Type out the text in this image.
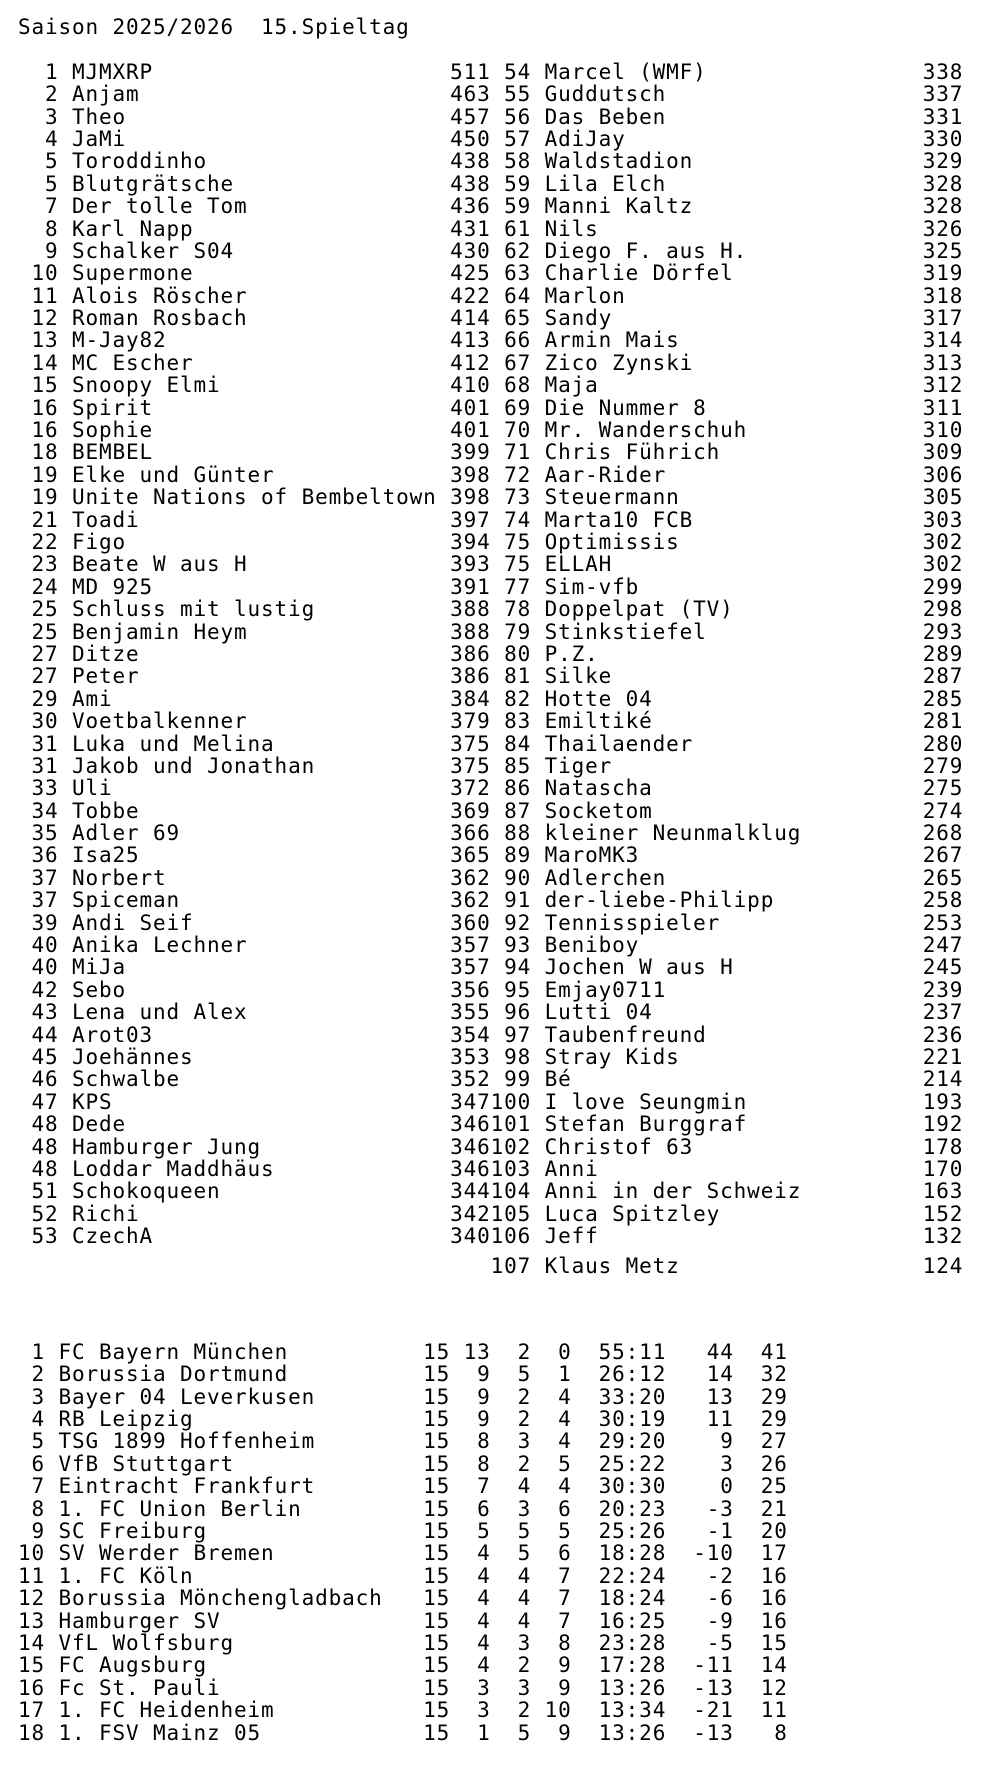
Saison 2025/2026  15.Spieltag
1 MJMXRP                      511 54 Marcel (WMF)                338
2 Anjam                       463 55 Guddutsch                   337
3 Theo                        457 56 Das Beben                   331
4 JaMi                        450 57 AdiJay                      330
5 Toroddinho                  438 58 Waldstadion                 329
5 Blutgrätsche                438 59 Lila Elch                   328
7 Der tolle Tom               436 59 Manni Kaltz                 328
8 Karl Napp                   431 61 Nils                        326
9 Schalker S04                430 62 Diego F. aus H.             325
10 Supermone                   425 63 Charlie Dörfel              319
11 Alois Röscher               422 64 Marlon                      318
12 Roman Rosbach               414 65 Sandy                       317
13 M-Jay82                     413 66 Armin Mais                  314
14 MC Escher                   412 67 Zico Zynski                 313
15 Snoopy Elmi                 410 68 Maja                        312
16 Spirit                      401 69 Die Nummer 8                311
16 Sophie                      401 70 Mr. Wanderschuh             310
18 BEMBEL                      399 71 Chris Führich               309
19 Elke und Günter             398 72 Aar-Rider                   306
19 Unite Nations of Bembeltown 398 73 Steuermann                  305
21 Toadi                       397 74 Marta10 FCB                 303
22 Figo                        394 75 Optimissis                  302
23 Beate W aus H               393 75 ELLAH                       302
24 MD 925                      391 77 Sim-vfb                     299
25 Schluss mit lustig          388 78 Doppelpat (TV)              298
25 Benjamin Heym               388 79 Stinkstiefel                293
27 Ditze                       386 80 P.Z.                        289
27 Peter                       386 81 Silke                       287
29 Ami                         384 82 Hotte 04                    285
30 Voetbalkenner               379 83 Emiltiké                    281
31 Luka und Melina             375 84 Thailaender                 280
31 Jakob und Jonathan          375 85 Tiger                       279
33 Uli                         372 86 Natascha                    275
34 Tobbe                       369 87 Socketom                    274
35 Adler 69                    366 88 kleiner Neunmalklug         268
36 Isa25                       365 89 MaroMK3                     267
37 Norbert                     362 90 Adlerchen                   265
37 Spiceman                    362 91 der-liebe-Philipp           258
39 Andi Seif                   360 92 Tennisspieler               253
40 Anika Lechner               357 93 Beniboy                     247
40 MiJa                        357 94 Jochen W aus H              245
42 Sebo                        356 95 Emjay0711                   239
43 Lena und Alex               355 96 Lutti 04                    237
44 Arot03                      354 97 Taubenfreund                236
45 Joehännes                   353 98 Stray Kids                  221
46 Schwalbe                    352 99 Bé                          214
47 KPS                         347100 I love Seungmin             193
48 Dede                        346101 Stefan Burggraf             192
48 Hamburger Jung              346102 Christof 63                 178
48 Loddar Maddhäus             346103 Anni                        170
51 Schokoqueen                 344104 Anni in der Schweiz         163
52 Richi                       342105 Luca Spitzley               152
53 CzechA                      340106 Jeff                        132
107 Klaus Metz                  124
1 FC Bayern München          15 13  2  0  55:11   44  41
2 Borussia Dortmund          15  9  5  1  26:12   14  32
3 Bayer 04 Leverkusen        15  9  2  4  33:20   13  29
4 RB Leipzig                 15  9  2  4  30:19   11  29
5 TSG 1899 Hoffenheim        15  8  3  4  29:20    9  27
6 VfB Stuttgart              15  8  2  5  25:22    3  26
7 Eintracht Frankfurt        15  7  4  4  30:30    0  25
8 1. FC Union Berlin         15  6  3  6  20:23   -3  21
9 SC Freiburg                15  5  5  5  25:26   -1  20
10 SV Werder Bremen           15  4  5  6  18:28  -10  17
11 1. FC Köln                 15  4  4  7  22:24   -2  16
12 Borussia Mönchengladbach   15  4  4  7  18:24   -6  16
13 Hamburger SV               15  4  4  7  16:25   -9  16
14 VfL Wolfsburg              15  4  3  8  23:28   -5  15
15 FC Augsburg                15  4  2  9  17:28  -11  14
16 Fc St. Pauli               15  3  3  9  13:26  -13  12
17 1. FC Heidenheim           15  3  2 10  13:34  -21  11
18 1. FSV Mainz 05            15  1  5  9  13:26  -13   8
